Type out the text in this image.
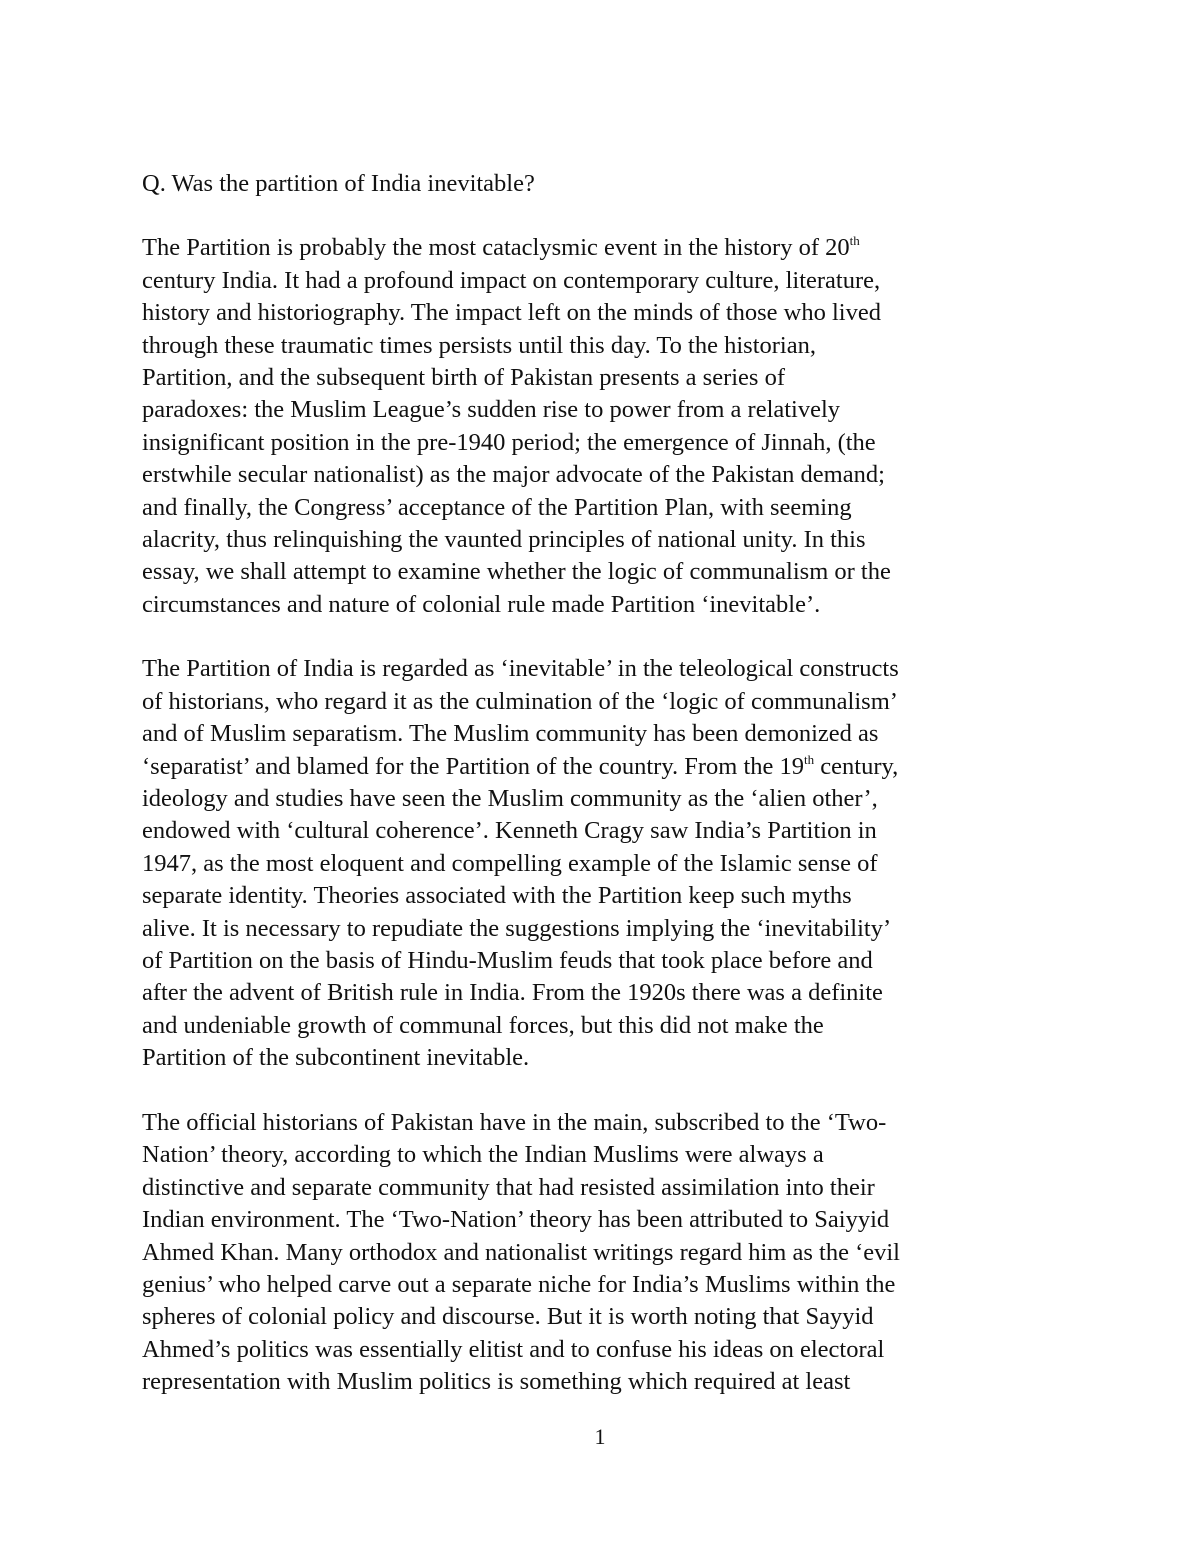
Q. Was the partition of India inevitable?
The Partition is probably the most cataclysmic event in the history of 20th
century India. It had a profound impact on contemporary culture, literature,
history and historiography. The impact left on the minds of those who lived
through these traumatic times persists until this day. To the historian,
Partition, and the subsequent birth of Pakistan presents a series of
paradoxes: the Muslim League’s sudden rise to power from a relatively
insignificant position in the pre-1940 period; the emergence of Jinnah, (the
erstwhile secular nationalist) as the major advocate of the Pakistan demand;
and finally, the Congress’ acceptance of the Partition Plan, with seeming
alacrity, thus relinquishing the vaunted principles of national unity. In this
essay, we shall attempt to examine whether the logic of communalism or the
circumstances and nature of colonial rule made Partition ‘inevitable’.
The Partition of India is regarded as ‘inevitable’ in the teleological constructs
of historians, who regard it as the culmination of the ‘logic of communalism’
and of Muslim separatism. The Muslim community has been demonized as
‘separatist’ and blamed for the Partition of the country. From the 19th century,
ideology and studies have seen the Muslim community as the ‘alien other’,
endowed with ‘cultural coherence’. Kenneth Cragy saw India’s Partition in
1947, as the most eloquent and compelling example of the Islamic sense of
separate identity. Theories associated with the Partition keep such myths
alive. It is necessary to repudiate the suggestions implying the ‘inevitability’
of Partition on the basis of Hindu-Muslim feuds that took place before and
after the advent of British rule in India. From the 1920s there was a definite
and undeniable growth of communal forces, but this did not make the
Partition of the subcontinent inevitable.
The official historians of Pakistan have in the main, subscribed to the ‘Two-
Nation’ theory, according to which the Indian Muslims were always a
distinctive and separate community that had resisted assimilation into their
Indian environment. The ‘Two-Nation’ theory has been attributed to Saiyyid
Ahmed Khan. Many orthodox and nationalist writings regard him as the ‘evil
genius’ who helped carve out a separate niche for India’s Muslims within the
spheres of colonial policy and discourse. But it is worth noting that Sayyid
Ahmed’s politics was essentially elitist and to confuse his ideas on electoral
representation with Muslim politics is something which required at least
1
